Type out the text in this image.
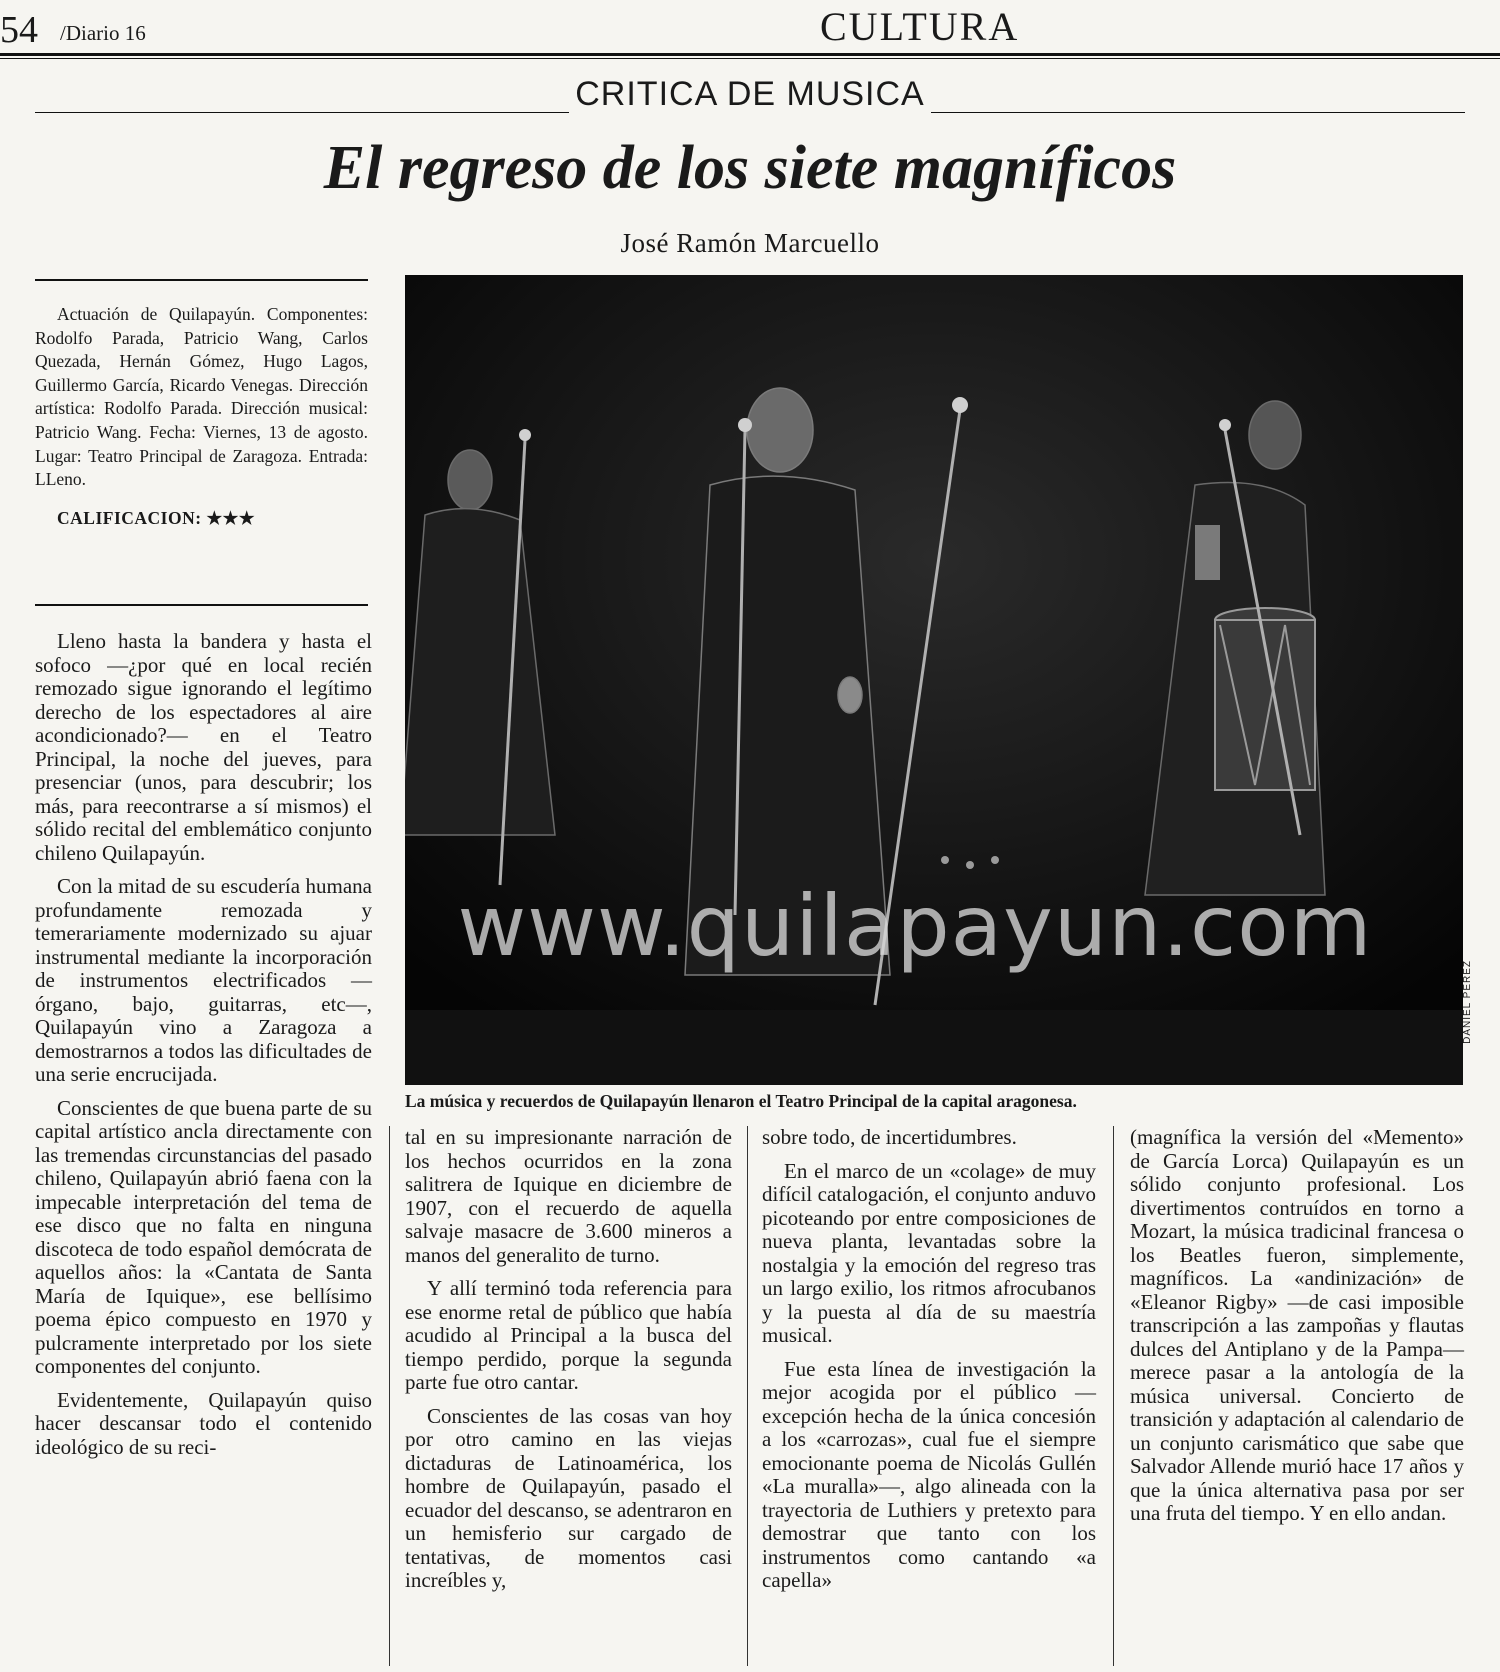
54 /Diario 16	CULTURA
CRITICA DE MUSICA
El regreso de los siete magníficos
José Ramón Marcuello

Actuación de Quilapayún. Componentes: Rodolfo Parada, Patricio Wang, Carlos Quezada, Hernán Gómez, Hugo Lagos, Guillermo García, Ricardo Venegas. Dirección artística: Rodolfo Parada. Dirección musical: Patricio Wang. Fecha: Viernes, 13 de agosto. Lugar: Teatro Principal de Zaragoza. Entrada: LLeno.

CALIFICACION: ★★★
www.quilapayun.com
DANIEL PEREZ
La música y recuerdos de Quilapayún llenaron el Teatro Principal de la capital aragonesa.

Lleno hasta la bandera y hasta el sofoco —¿por qué en local recién remozado sigue ignorando el legítimo derecho de los espectadores al aire acondicionado?— en el Teatro Principal, la noche del jueves, para presenciar (unos, para descubrir; los más, para reecontrarse a sí mismos) el sólido recital del emblemático conjunto chileno Quilapayún.

Con la mitad de su escudería humana profundamente remozada y temerariamente modernizado su ajuar instrumental mediante la incorporación de instrumentos electrificados —órgano, bajo, guitarras, etc—, Quilapayún vino a Zaragoza a demostrarnos a todos las dificultades de una serie encrucijada.

Conscientes de que buena parte de su capital artístico ancla directamente con las tremendas circunstancias del pasado chileno, Quilapayún abrió faena con la impecable interpretación del tema de ese disco que no falta en ninguna discoteca de todo español demócrata de aquellos años: la «Cantata de Santa María de Iquique», ese bellísimo poema épico compuesto en 1970 y pulcramente interpretado por los siete componentes del conjunto.

Evidentemente, Quilapayún quiso hacer descansar todo el contenido ideológico de su reci-

tal en su impresionante narración de los hechos ocurridos en la zona salitrera de Iquique en diciembre de 1907, con el recuerdo de aquella salvaje masacre de 3.600 mineros a manos del generalito de turno.

Y allí terminó toda referencia para ese enorme retal de público que había acudido al Principal a la busca del tiempo perdido, porque la segunda parte fue otro cantar.

Conscientes de las cosas van hoy por otro camino en las viejas dictaduras de Latinoamérica, los hombre de Quilapayún, pasado el ecuador del descanso, se adentraron en un hemisferio sur cargado de tentativas, de momentos casi increíbles y,

sobre todo, de incertidumbres.

En el marco de un «colage» de muy difícil catalogación, el conjunto anduvo picoteando por entre composiciones de nueva planta, levantadas sobre la nostalgia y la emoción del regreso tras un largo exilio, los ritmos afrocubanos y la puesta al día de su maestría musical.

Fue esta línea de investigación la mejor acogida por el público —excepción hecha de la única concesión a los «carrozas», cual fue el siempre emocionante poema de Nicolás Gullén «La muralla»—, algo alineada con la trayectoria de Luthiers y pretexto para demostrar que tanto con los instrumentos como cantando «a capella»

(magnífica la versión del «Memento» de García Lorca) Quilapayún es un sólido conjunto profesional. Los divertimentos contruídos en torno a Mozart, la música tradicinal francesa o los Beatles fueron, simplemente, magníficos. La «andinización» de «Eleanor Rigby» —de casi imposible transcripción a las zampoñas y flautas dulces del Antiplano y de la Pampa— merece pasar a la antología de la música universal. Concierto de transición y adaptación al calendario de un conjunto carismático que sabe que Salvador Allende murió hace 17 años y que la única alternativa pasa por ser una fruta del tiempo. Y en ello andan.
